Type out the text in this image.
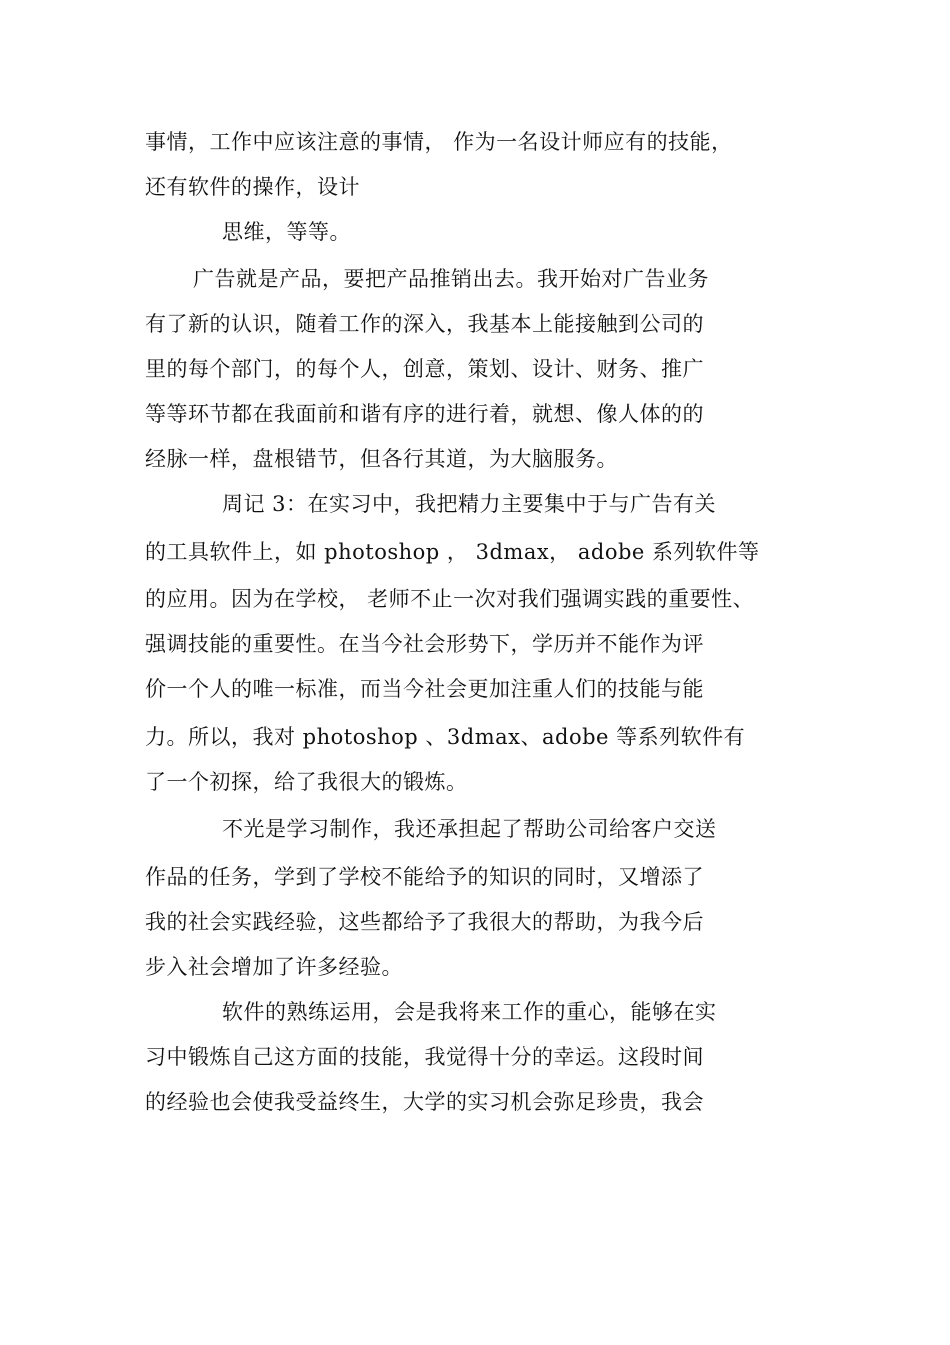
事情，工作中应该注意的事情， 作为一名设计师应有的技能，
还有软件的操作，设计
思维，等等。
广告就是产品，要把产品推销出去。我开始对广告业务
有了新的认识，随着工作的深入，我基本上能接触到公司的
里的每个部门，的每个人，创意，策划、设计、财务、推广
等等环节都在我面前和谐有序的进行着，就想、像人体的的
经脉一样，盘根错节，但各行其道，为大脑服务。
周记 3：在实习中，我把精力主要集中于与广告有关
的工具软件上，如 photoshop ， 3dmax， adobe 系列软件等
的应用。因为在学校， 老师不止一次对我们强调实践的重要性、
强调技能的重要性。在当今社会形势下，学历并不能作为评
价一个人的唯一标准，而当今社会更加注重人们的技能与能
力。所以，我对 photoshop 、3dmax、adobe 等系列软件有
了一个初探，给了我很大的锻炼。
不光是学习制作，我还承担起了帮助公司给客户交送
作品的任务，学到了学校不能给予的知识的同时，又增添了
我的社会实践经验，这些都给予了我很大的帮助，为我今后
步入社会增加了许多经验。
软件的熟练运用，会是我将来工作的重心，能够在实
习中锻炼自己这方面的技能，我觉得十分的幸运。这段时间
的经验也会使我受益终生，大学的实习机会弥足珍贵，我会
